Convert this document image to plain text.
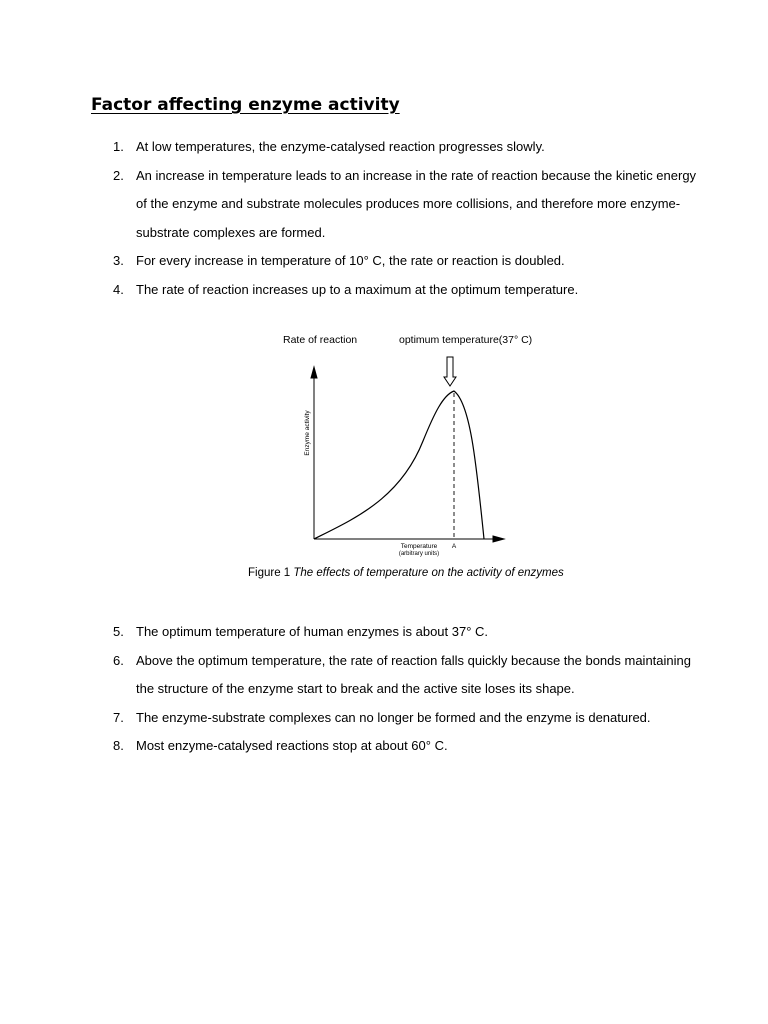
Factor affecting enzyme activity
1. At low temperatures, the enzyme-catalysed reaction progresses slowly.
2. An increase in temperature leads to an increase in the rate of reaction because the kinetic energy of the enzyme and substrate molecules produces more collisions, and therefore more enzyme-substrate complexes are formed.
3. For every increase in temperature of 10° C, the rate or reaction is doubled.
4. The rate of reaction increases up to a maximum at the optimum temperature.
Rate of reaction	optimum temperature(37° C)
Enzyme activity
Temperature
(arbitrary units)
A
Figure 1 The effects of temperature on the activity of enzymes
5. The optimum temperature of human enzymes is about 37° C.
6. Above the optimum temperature, the rate of reaction falls quickly because the bonds maintaining the structure of the enzyme start to break and the active site loses its shape.
7. The enzyme-substrate complexes can no longer be formed and the enzyme is denatured.
8. Most enzyme-catalysed reactions stop at about 60° C.
